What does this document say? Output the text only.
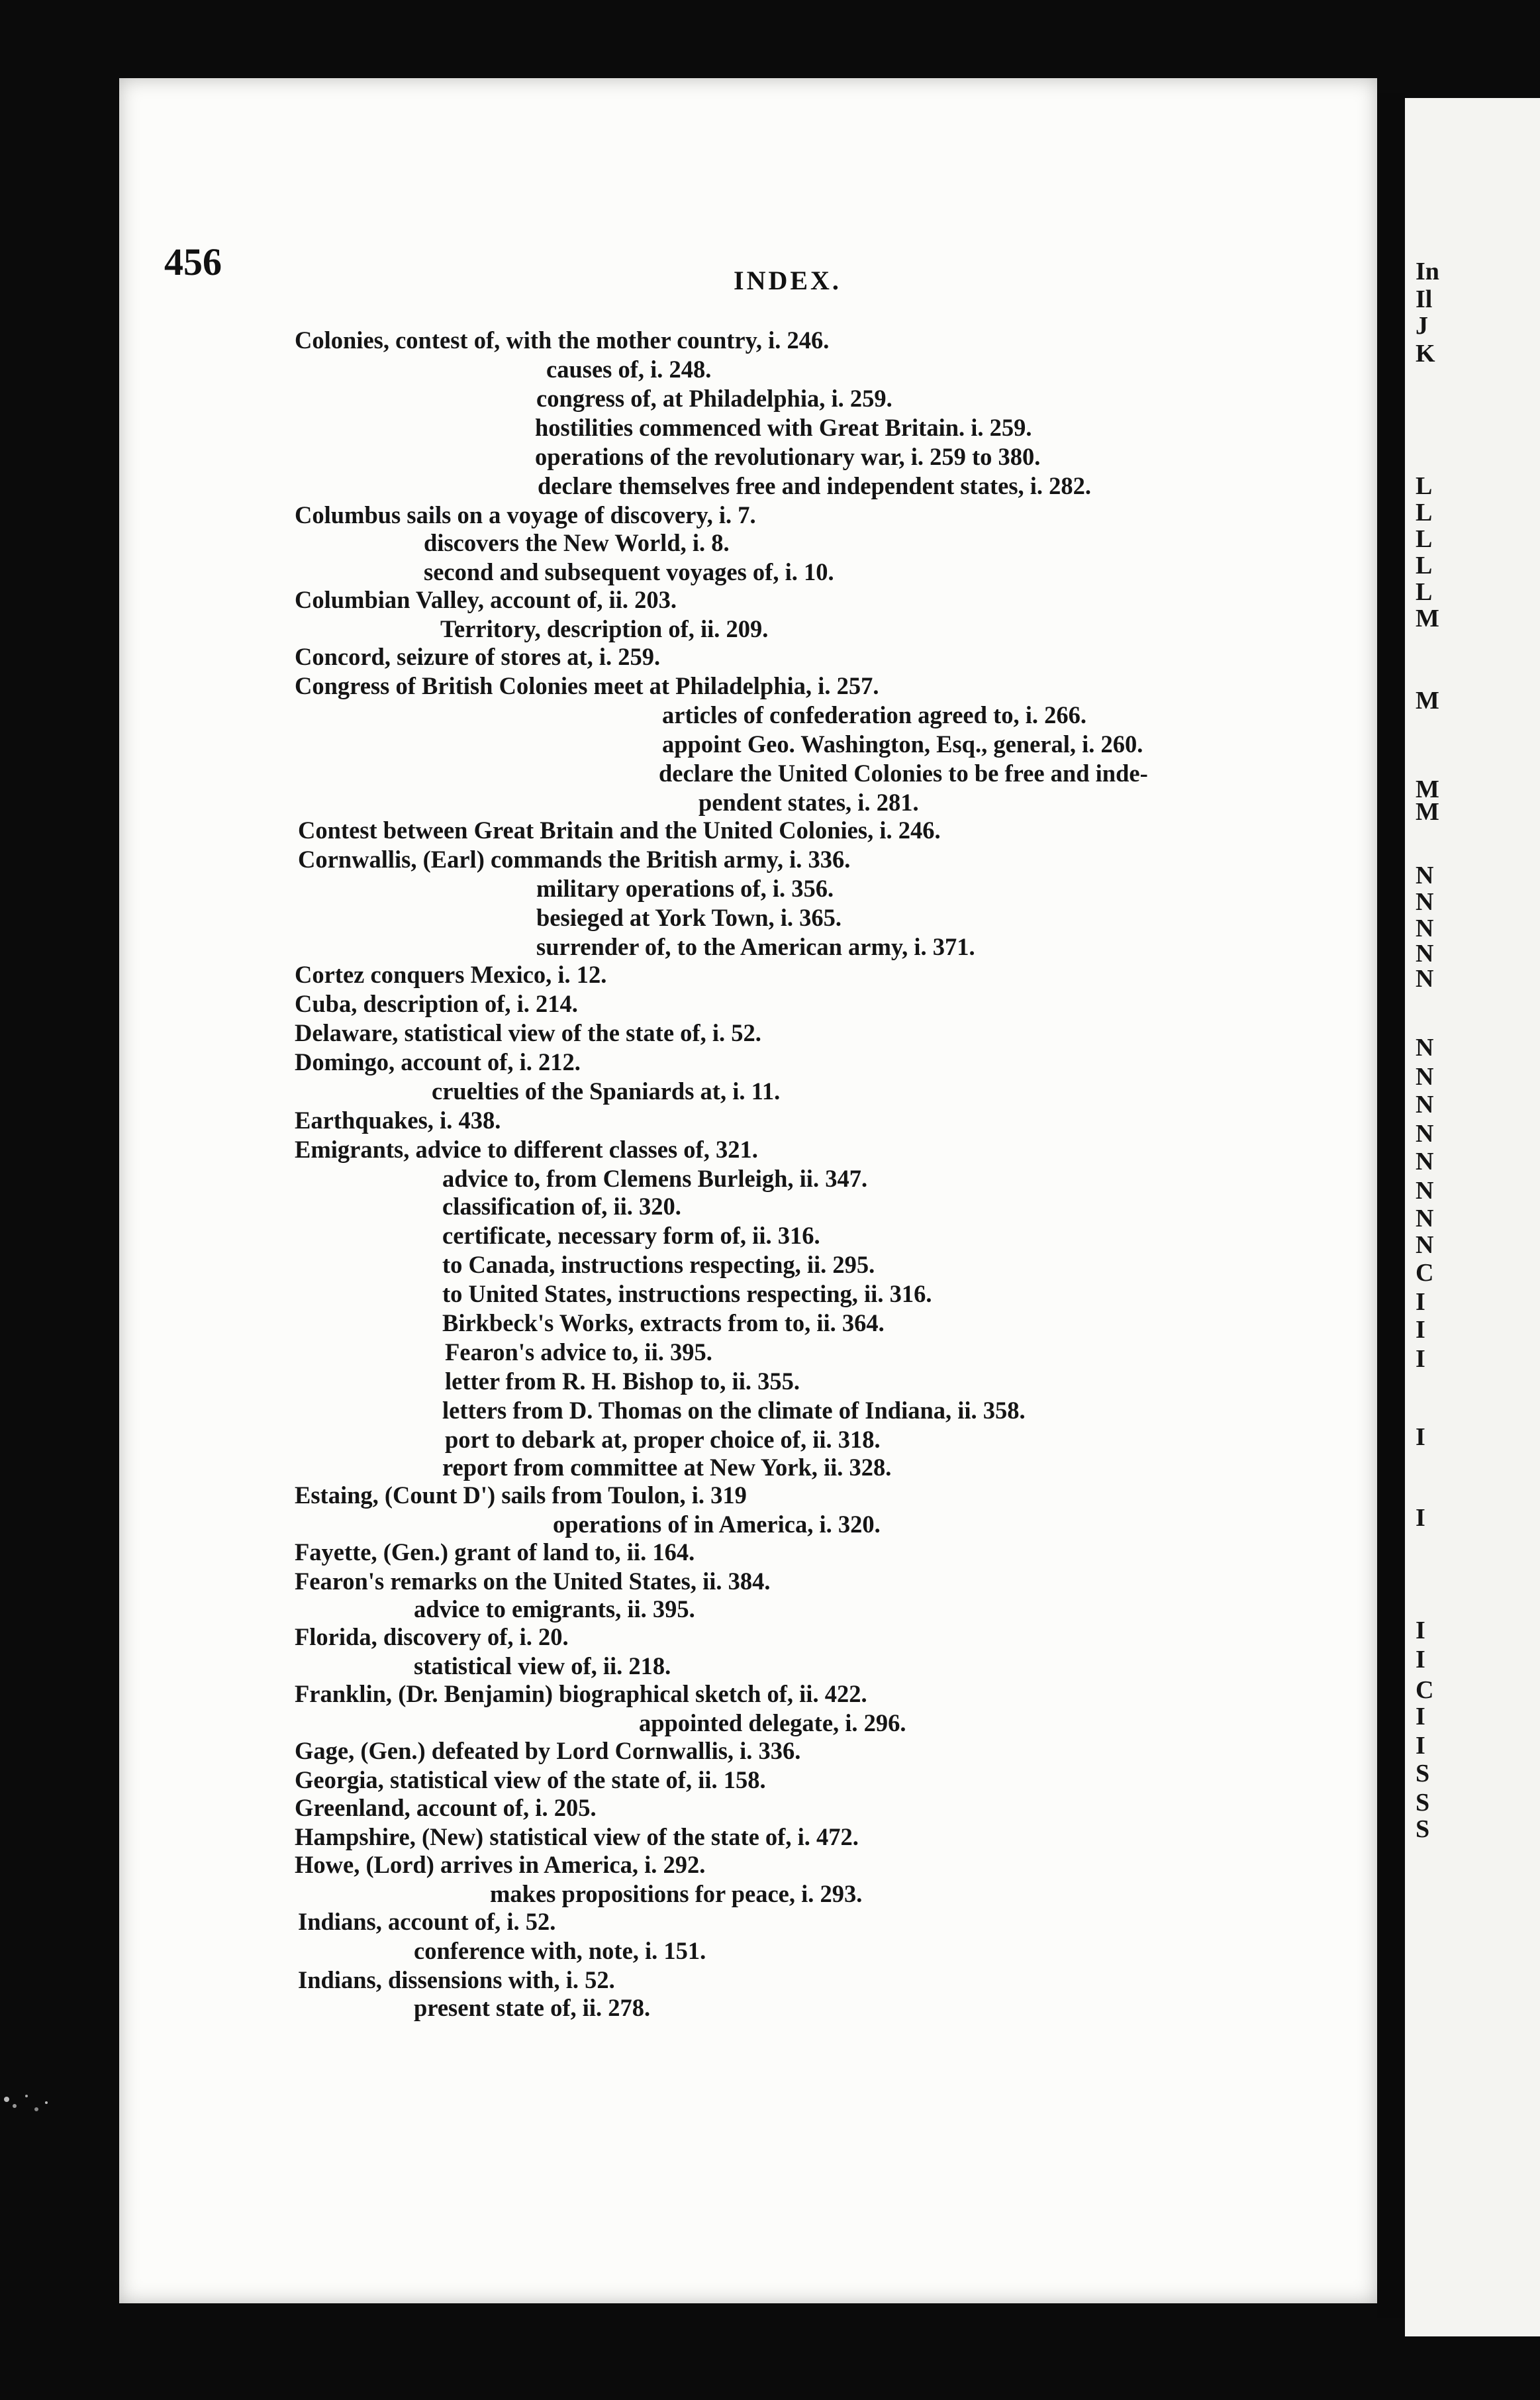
In
Il
J
K
L
L
L
L
L
M
M
M
M
N
N
N
N
N
N
N
N
N
N
N
N
N
C
I
I
I
I
I
I
I
C
I
I
S
S
S
456	INDEX.
Colonies, contest of, with the mother country, i. 246.
causes of, i. 248.
congress of, at Philadelphia, i. 259.
hostilities commenced with Great Britain. i. 259.
operations of the revolutionary war, i. 259 to 380.
declare themselves free and independent states, i. 282.
Columbus sails on a voyage of discovery, i. 7.
discovers the New World, i. 8.
second and subsequent voyages of, i. 10.
Columbian Valley, account of, ii. 203.
Territory, description of, ii. 209.
Concord, seizure of stores at, i. 259.
Congress of British Colonies meet at Philadelphia, i. 257.
articles of confederation agreed to, i. 266.
appoint Geo. Washington, Esq., general, i. 260.
declare the United Colonies to be free and inde-
pendent states, i. 281.
Contest between Great Britain and the United Colonies, i. 246.
Cornwallis, (Earl) commands the British army, i. 336.
military operations of, i. 356.
besieged at York Town, i. 365.
surrender of, to the American army, i. 371.
Cortez conquers Mexico, i. 12.
Cuba, description of, i. 214.
Delaware, statistical view of the state of, i. 52.
Domingo, account of, i. 212.
cruelties of the Spaniards at, i. 11.
Earthquakes, i. 438.
Emigrants, advice to different classes of, 321.
advice to, from Clemens Burleigh, ii. 347.
classification of, ii. 320.
certificate, necessary form of, ii. 316.
to Canada, instructions respecting, ii. 295.
to United States, instructions respecting, ii. 316.
Birkbeck's Works, extracts from to, ii. 364.
Fearon's advice to, ii. 395.
letter from R. H. Bishop to, ii. 355.
letters from D. Thomas on the climate of Indiana, ii. 358.
port to debark at, proper choice of, ii. 318.
report from committee at New York, ii. 328.
Estaing, (Count D') sails from Toulon, i. 319
operations of in America, i. 320.
Fayette, (Gen.) grant of land to, ii. 164.
Fearon's remarks on the United States, ii. 384.
advice to emigrants, ii. 395.
Florida, discovery of, i. 20.
statistical view of, ii. 218.
Franklin, (Dr. Benjamin) biographical sketch of, ii. 422.
appointed delegate, i. 296.
Gage, (Gen.) defeated by Lord Cornwallis, i. 336.
Georgia, statistical view of the state of, ii. 158.
Greenland, account of, i. 205.
Hampshire, (New) statistical view of the state of, i. 472.
Howe, (Lord) arrives in America, i. 292.
makes propositions for peace, i. 293.
Indians, account of, i. 52.
conference with, note, i. 151.
Indians, dissensions with, i. 52.
present state of, ii. 278.
